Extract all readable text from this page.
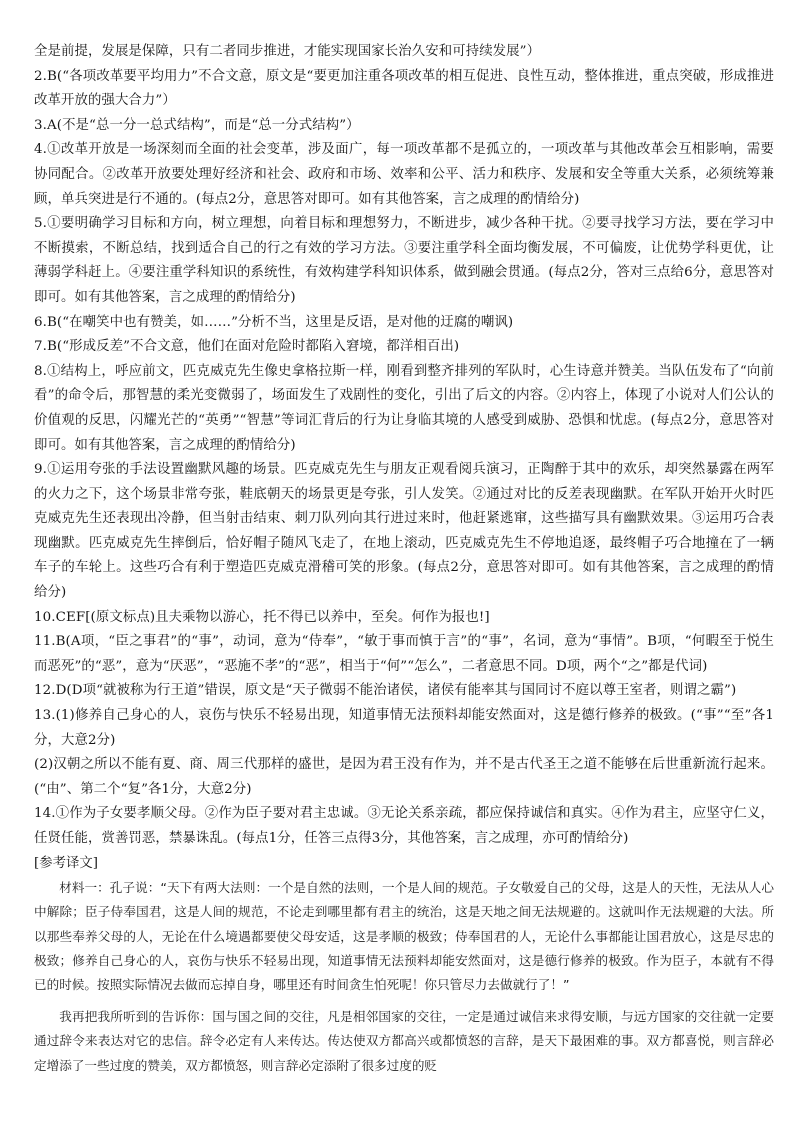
全是前提，发展是保障，只有二者同步推进，才能实现国家长治久安和可持续发展”）

2.B(“各项改革要平均用力”不合文意，原文是“要更加注重各项改革的相互促进、良性互动，整体推进，重点突破，形成推进改革开放的强大合力”）

3.A(不是“总一分一总式结构”，而是“总一分式结构”）

4.①改革开放是一场深刻而全面的社会变革，涉及面广，每一项改革都不是孤立的，一项改革与其他改革会互相影响，需要协同配合。②改革开放要处理好经济和社会、政府和市场、效率和公平、活力和秩序、发展和安全等重大关系，必须统筹兼顾，单兵突进是行不通的。(每点2分，意思答对即可。如有其他答案，言之成理的酌情给分)

5.①要明确学习目标和方向，树立理想，向着目标和理想努力，不断进步，减少各种干扰。②要寻找学习方法，要在学习中不断摸索，不断总结，找到适合自己的行之有效的学习方法。③要注重学科全面均衡发展，不可偏废，让优势学科更优，让薄弱学科赶上。④要注重学科知识的系统性，有效构建学科知识体系，做到融会贯通。(每点2分，答对三点给6分，意思答对即可。如有其他答案，言之成理的酌情给分)

6.B(“在嘲笑中也有赞美，如……”分析不当，这里是反语，是对他的迂腐的嘲讽)

7.B(“形成反差”不合文意，他们在面对危险时都陷入窘境，都洋相百出)

8.①结构上，呼应前文，匹克威克先生像史拿格拉斯一样，刚看到整齐排列的军队时，心生诗意并赞美。当队伍发布了“向前看”的命令后，那智慧的柔光变微弱了，场面发生了戏剧性的变化，引出了后文的内容。②内容上，体现了小说对人们公认的价值观的反思，闪耀光芒的“英勇”“智慧”等词汇背后的行为让身临其境的人感受到威胁、恐惧和忧虑。(每点2分，意思答对即可。如有其他答案，言之成理的酌情给分)

9.①运用夸张的手法设置幽默风趣的场景。匹克威克先生与朋友正观看阅兵演习，正陶醉于其中的欢乐，却突然暴露在两军的火力之下，这个场景非常夸张，鞋底朝天的场景更是夸张，引人发笑。②通过对比的反差表现幽默。在军队开始开火时匹克威克先生还表现出冷静，但当射击结束、刺刀队列向其行进过来时，他赶紧逃窜，这些描写具有幽默效果。③运用巧合表现幽默。匹克威克先生摔倒后，恰好帽子随风飞走了，在地上滚动，匹克威克先生不停地追逐，最终帽子巧合地撞在了一辆车子的车轮上。这些巧合有利于塑造匹克威克滑稽可笑的形象。(每点2分，意思答对即可。如有其他答案，言之成理的酌情给分)

10.CEF[(原文标点)且夫乘物以游心，托不得已以养中，至矣。何作为报也!]

11.B(A项，“臣之事君”的“事”，动词，意为“侍奉”，“敏于事而慎于言”的“事”，名词，意为“事情”。B项，“何暇至于悦生而恶死”的“恶”，意为“厌恶”，“恶施不孝”的“恶”，相当于“何”“怎么”，二者意思不同。D项，两个“之”都是代词)

12.D(D项“就被称为行王道”错误，原文是“天子微弱不能治诸侯，诸侯有能率其与国同讨不庭以尊王室者，则谓之霸”)

13.(1)修养自己身心的人，哀伤与快乐不轻易出现，知道事情无法预料却能安然面对，这是德行修养的极致。(“事”“至”各1分，大意2分)

(2)汉朝之所以不能有夏、商、周三代那样的盛世，是因为君王没有作为，并不是古代圣王之道不能够在后世重新流行起来。(“由”、第二个“复”各1分，大意2分)

14.①作为子女要孝顺父母。②作为臣子要对君主忠诚。③无论关系亲疏，都应保持诚信和真实。④作为君主，应坚守仁义，任贤任能，赏善罚恶，禁暴诛乱。(每点1分，任答三点得3分，其他答案，言之成理，亦可酌情给分)

[参考译文]

材料一：孔子说：“天下有两大法则：一个是自然的法则，一个是人间的规范。子女敬爱自己的父母，这是人的天性，无法从人心中解除；臣子侍奉国君，这是人间的规范，不论走到哪里都有君主的统治，这是天地之间无法规避的。这就叫作无法规避的大法。所以那些奉养父母的人，无论在什么境遇都要使父母安适，这是孝顺的极致；侍奉国君的人，无论什么事都能让国君放心，这是尽忠的极致；修养自己身心的人，哀伤与快乐不轻易出现，知道事情无法预料却能安然面对，这是德行修养的极致。作为臣子，本就有不得已的时候。按照实际情况去做而忘掉自身，哪里还有时间贪生怕死呢！你只管尽力去做就行了！”

我再把我所听到的告诉你：国与国之间的交往，凡是相邻国家的交往，一定是通过诚信来求得安顺，与远方国家的交往就一定要通过辞令来表达对它的忠信。辞令必定有人来传达。传达使双方都高兴或都愤怒的言辞，是天下最困难的事。双方都喜悦，则言辞必定增添了一些过度的赞美，双方都愤怒，则言辞必定添附了很多过度的贬
